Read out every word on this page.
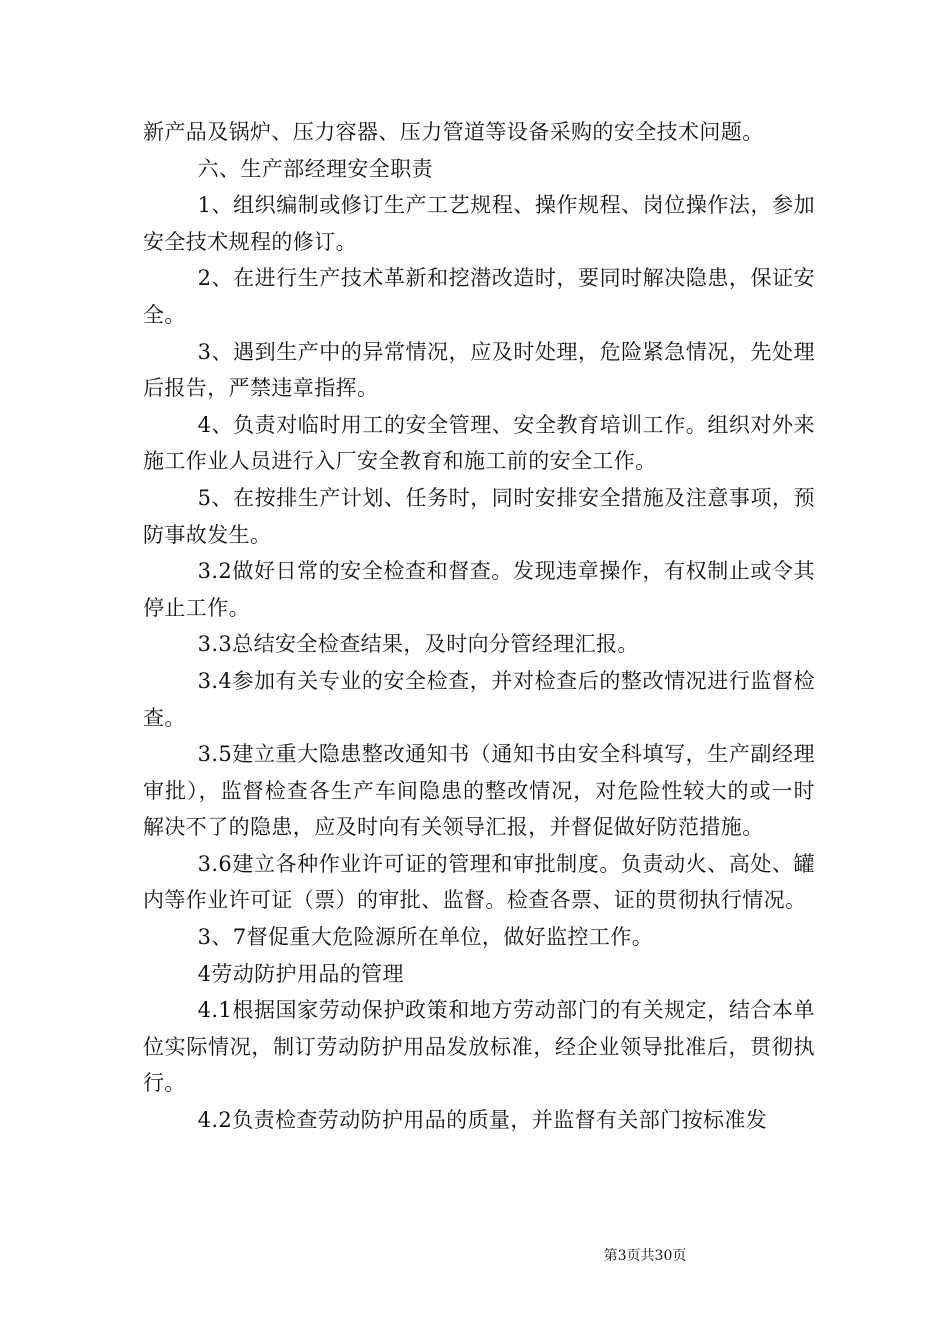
新产品及锅炉、压力容器、压力管道等设备采购的安全技术问题。

六、生产部经理安全职责

1、组织编制或修订生产工艺规程、操作规程、岗位操作法，参加安全技术规程的修订。

2、在进行生产技术革新和挖潜改造时，要同时解决隐患，保证安全。

3、遇到生产中的异常情况，应及时处理，危险紧急情况，先处理后报告，严禁违章指挥。

4、负责对临时用工的安全管理、安全教育培训工作。组织对外来施工作业人员进行入厂安全教育和施工前的安全工作。

5、在按排生产计划、任务时，同时安排安全措施及注意事项，预防事故发生。

3.2做好日常的安全检查和督查。发现违章操作，有权制止或令其停止工作。

3.3总结安全检查结果，及时向分管经理汇报。

3.4参加有关专业的安全检查，并对检查后的整改情况进行监督检查。

3.5建立重大隐患整改通知书（通知书由安全科填写，生产副经理审批），监督检查各生产车间隐患的整改情况，对危险性较大的或一时解决不了的隐患，应及时向有关领导汇报，并督促做好防范措施。

3.6建立各种作业许可证的管理和审批制度。负责动火、高处、罐内等作业许可证（票）的审批、监督。检查各票、证的贯彻执行情况。

3、7督促重大危险源所在单位，做好监控工作。

4劳动防护用品的管理

4.1根据国家劳动保护政策和地方劳动部门的有关规定，结合本单位实际情况，制订劳动防护用品发放标准，经企业领导批准后，贯彻执行。

4.2负责检查劳动防护用品的质量，并监督有关部门按标准发

第3页共30页
